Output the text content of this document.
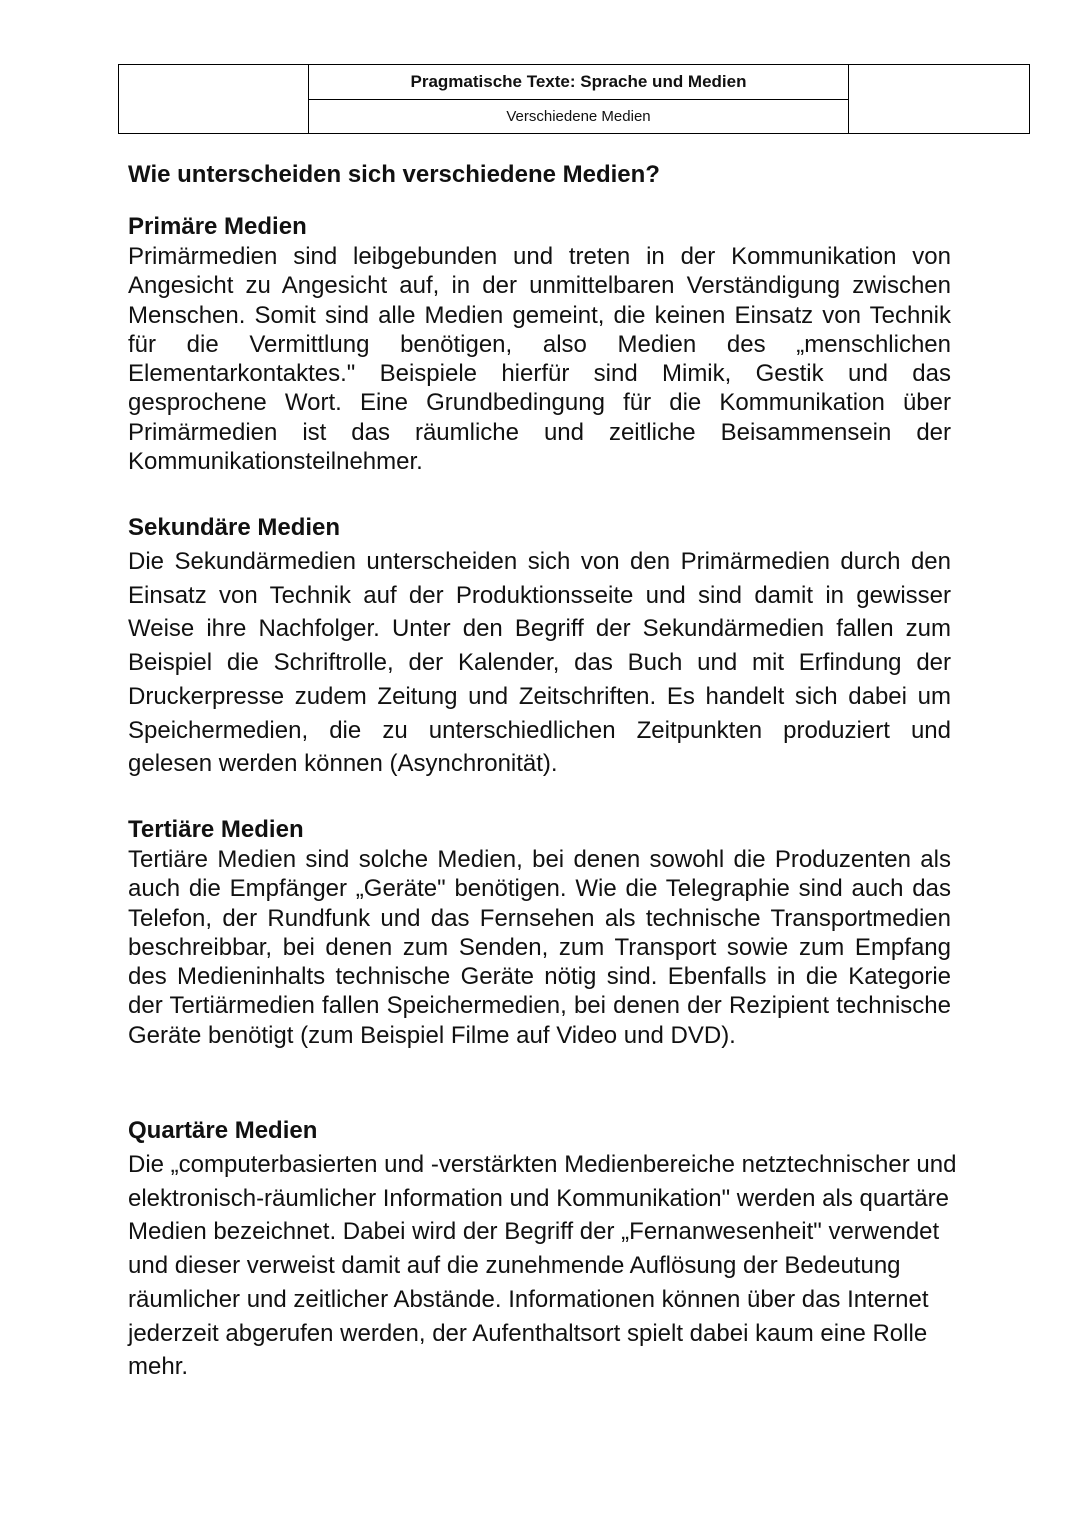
Pragmatische Texte: Sprache und Medien
Verschiedene Medien
Wie unterscheiden sich verschiedene Medien?
Primäre Medien

Primärmedien sind leibgebunden und treten in der Kommunikation von Angesicht zu Angesicht auf, in der unmittelbaren Verständigung zwischen Menschen. Somit sind alle Medien gemeint, die keinen Einsatz von Technik für die Vermittlung benötigen, also Medien des „menschlichen Elementarkontaktes." Beispiele hierfür sind Mimik, Gestik und das gesprochene Wort. Eine Grundbedingung für die Kommunikation über Primärmedien ist das räumliche und zeitliche Beisammensein der Kommunikationsteilnehmer.

Sekundäre Medien

Die Sekundärmedien unterscheiden sich von den Primärmedien durch den Einsatz von Technik auf der Produktionsseite und sind damit in gewisser Weise ihre Nachfolger. Unter den Begriff der Sekundärmedien fallen zum Beispiel die Schriftrolle, der Kalender, das Buch und mit Erfindung der Druckerpresse zudem Zeitung und Zeitschriften. Es handelt sich dabei um Speichermedien, die zu unterschiedlichen Zeitpunkten produziert und gelesen werden können (Asynchronität).

Tertiäre Medien

Tertiäre Medien sind solche Medien, bei denen sowohl die Produzenten als auch die Empfänger „Geräte" benötigen. Wie die Telegraphie sind auch das Telefon, der Rundfunk und das Fernsehen als technische Transportmedien beschreibbar, bei denen zum Senden, zum Transport sowie zum Empfang des Medieninhalts technische Geräte nötig sind. Ebenfalls in die Kategorie der Tertiärmedien fallen Speichermedien, bei denen der Rezipient technische Geräte benötigt (zum Beispiel Filme auf Video und DVD).

Quartäre Medien

Die „computerbasierten und -verstärkten Medienbereiche netztechnischer und elektronisch-räumlicher Information und Kommunikation" werden als quartäre Medien bezeichnet. Dabei wird der Begriff der „Fernanwesenheit" verwendet und dieser verweist damit auf die zunehmende Auflösung der Bedeutung räumlicher und zeitlicher Abstände. Informationen können über das Internet jederzeit abgerufen werden, der Aufenthaltsort spielt dabei kaum eine Rolle mehr.
